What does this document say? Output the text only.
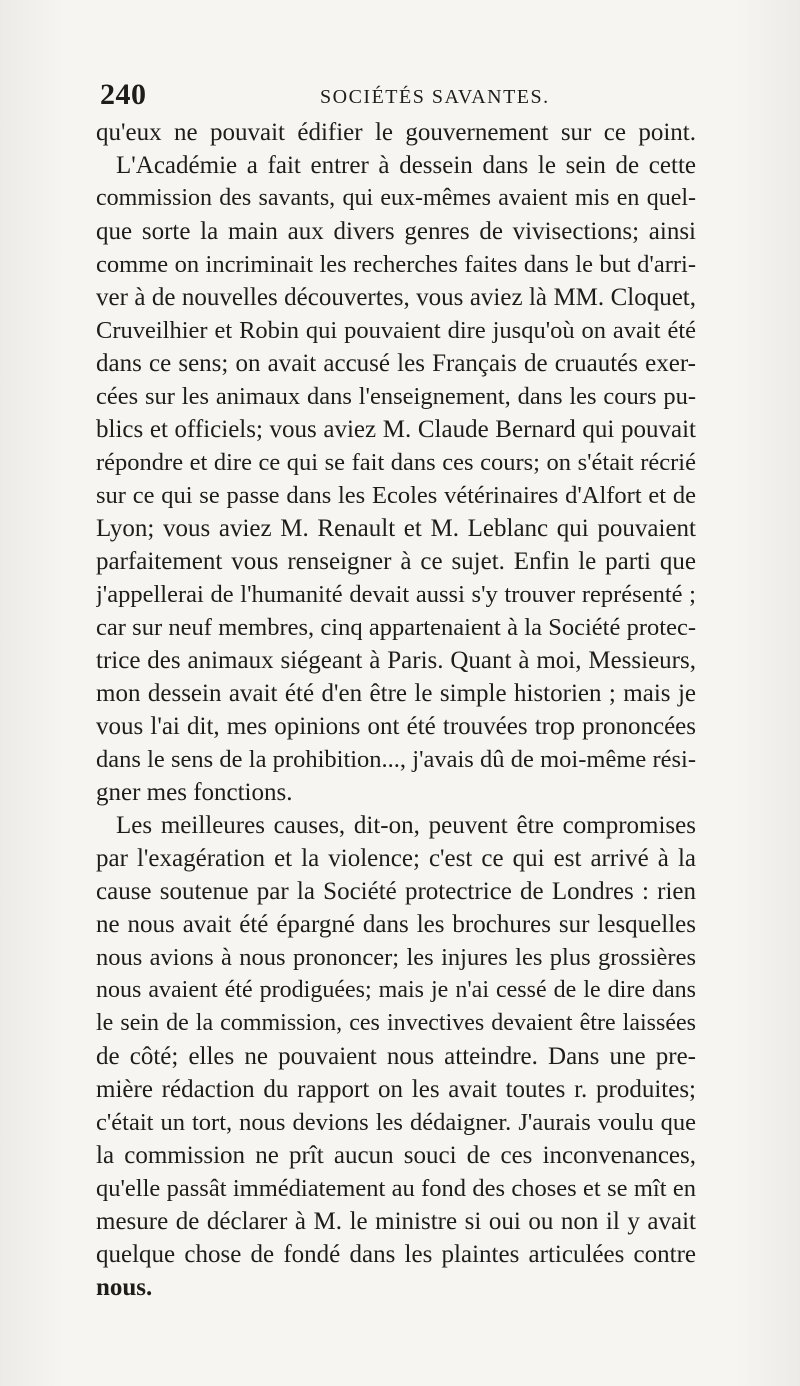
240	SOCIÉTÉS SAVANTES.
qu'eux ne pouvait édifier le gouvernement sur ce point.
L'Académie a fait entrer à dessein dans le sein de cette
commission des savants, qui eux-mêmes avaient mis en quel-
que sorte la main aux divers genres de vivisections; ainsi
comme on incriminait les recherches faites dans le but d'arri-
ver à de nouvelles découvertes, vous aviez là MM. Cloquet,
Cruveilhier et Robin qui pouvaient dire jusqu'où on avait été
dans ce sens; on avait accusé les Français de cruautés exer-
cées sur les animaux dans l'enseignement, dans les cours pu-
blics et officiels; vous aviez M. Claude Bernard qui pouvait
répondre et dire ce qui se fait dans ces cours; on s'était récrié
sur ce qui se passe dans les Ecoles vétérinaires d'Alfort et de
Lyon; vous aviez M. Renault et M. Leblanc qui pouvaient
parfaitement vous renseigner à ce sujet. Enfin le parti que
j'appellerai de l'humanité devait aussi s'y trouver représenté ;
car sur neuf membres, cinq appartenaient à la Société protec-
trice des animaux siégeant à Paris. Quant à moi, Messieurs,
mon dessein avait été d'en être le simple historien ; mais je
vous l'ai dit, mes opinions ont été trouvées trop prononcées
dans le sens de la prohibition..., j'avais dû de moi-même rési-
gner mes fonctions.
Les meilleures causes, dit-on, peuvent être compromises
par l'exagération et la violence; c'est ce qui est arrivé à la
cause soutenue par la Société protectrice de Londres : rien
ne nous avait été épargné dans les brochures sur lesquelles
nous avions à nous prononcer; les injures les plus grossières
nous avaient été prodiguées; mais je n'ai cessé de le dire dans
le sein de la commission, ces invectives devaient être laissées
de côté; elles ne pouvaient nous atteindre. Dans une pre-
mière rédaction du rapport on les avait toutes r. produites;
c'était un tort, nous devions les dédaigner. J'aurais voulu que
la commission ne prît aucun souci de ces inconvenances,
qu'elle passât immédiatement au fond des choses et se mît en
mesure de déclarer à M. le ministre si oui ou non il y avait
quelque chose de fondé dans les plaintes articulées contre
nous.
